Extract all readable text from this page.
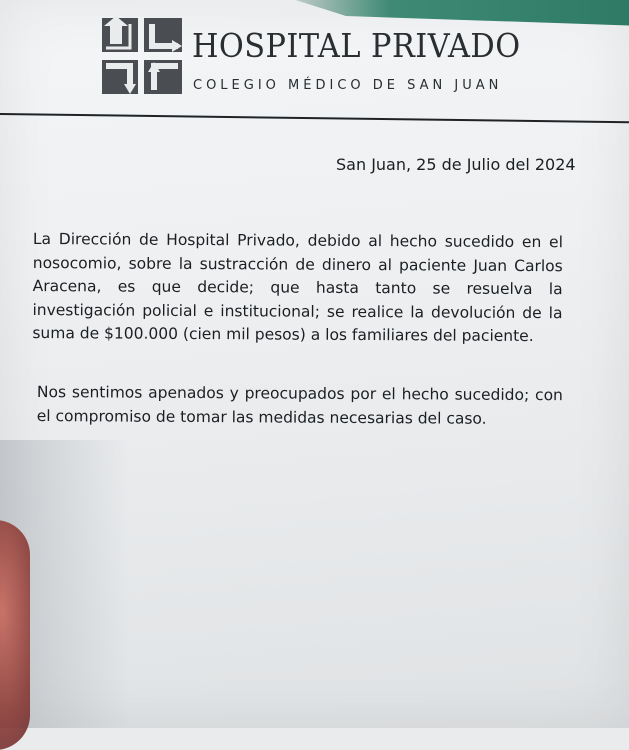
HOSPITAL PRIVADO
COLEGIO MÉDICO DE SAN JUAN
San Juan, 25 de Julio del 2024
La Dirección de Hospital Privado, debido al hecho sucedido en el nosocomio, sobre la sustracción de dinero al paciente Juan Carlos Aracena, es que decide; que hasta tanto se resuelva la investigación policial e institucional; se realice la devolución de la suma de $100.000 (cien mil pesos) a los familiares del paciente.
Nos sentimos apenados y preocupados por el hecho sucedido; con el compromiso de tomar las medidas necesarias del caso.
